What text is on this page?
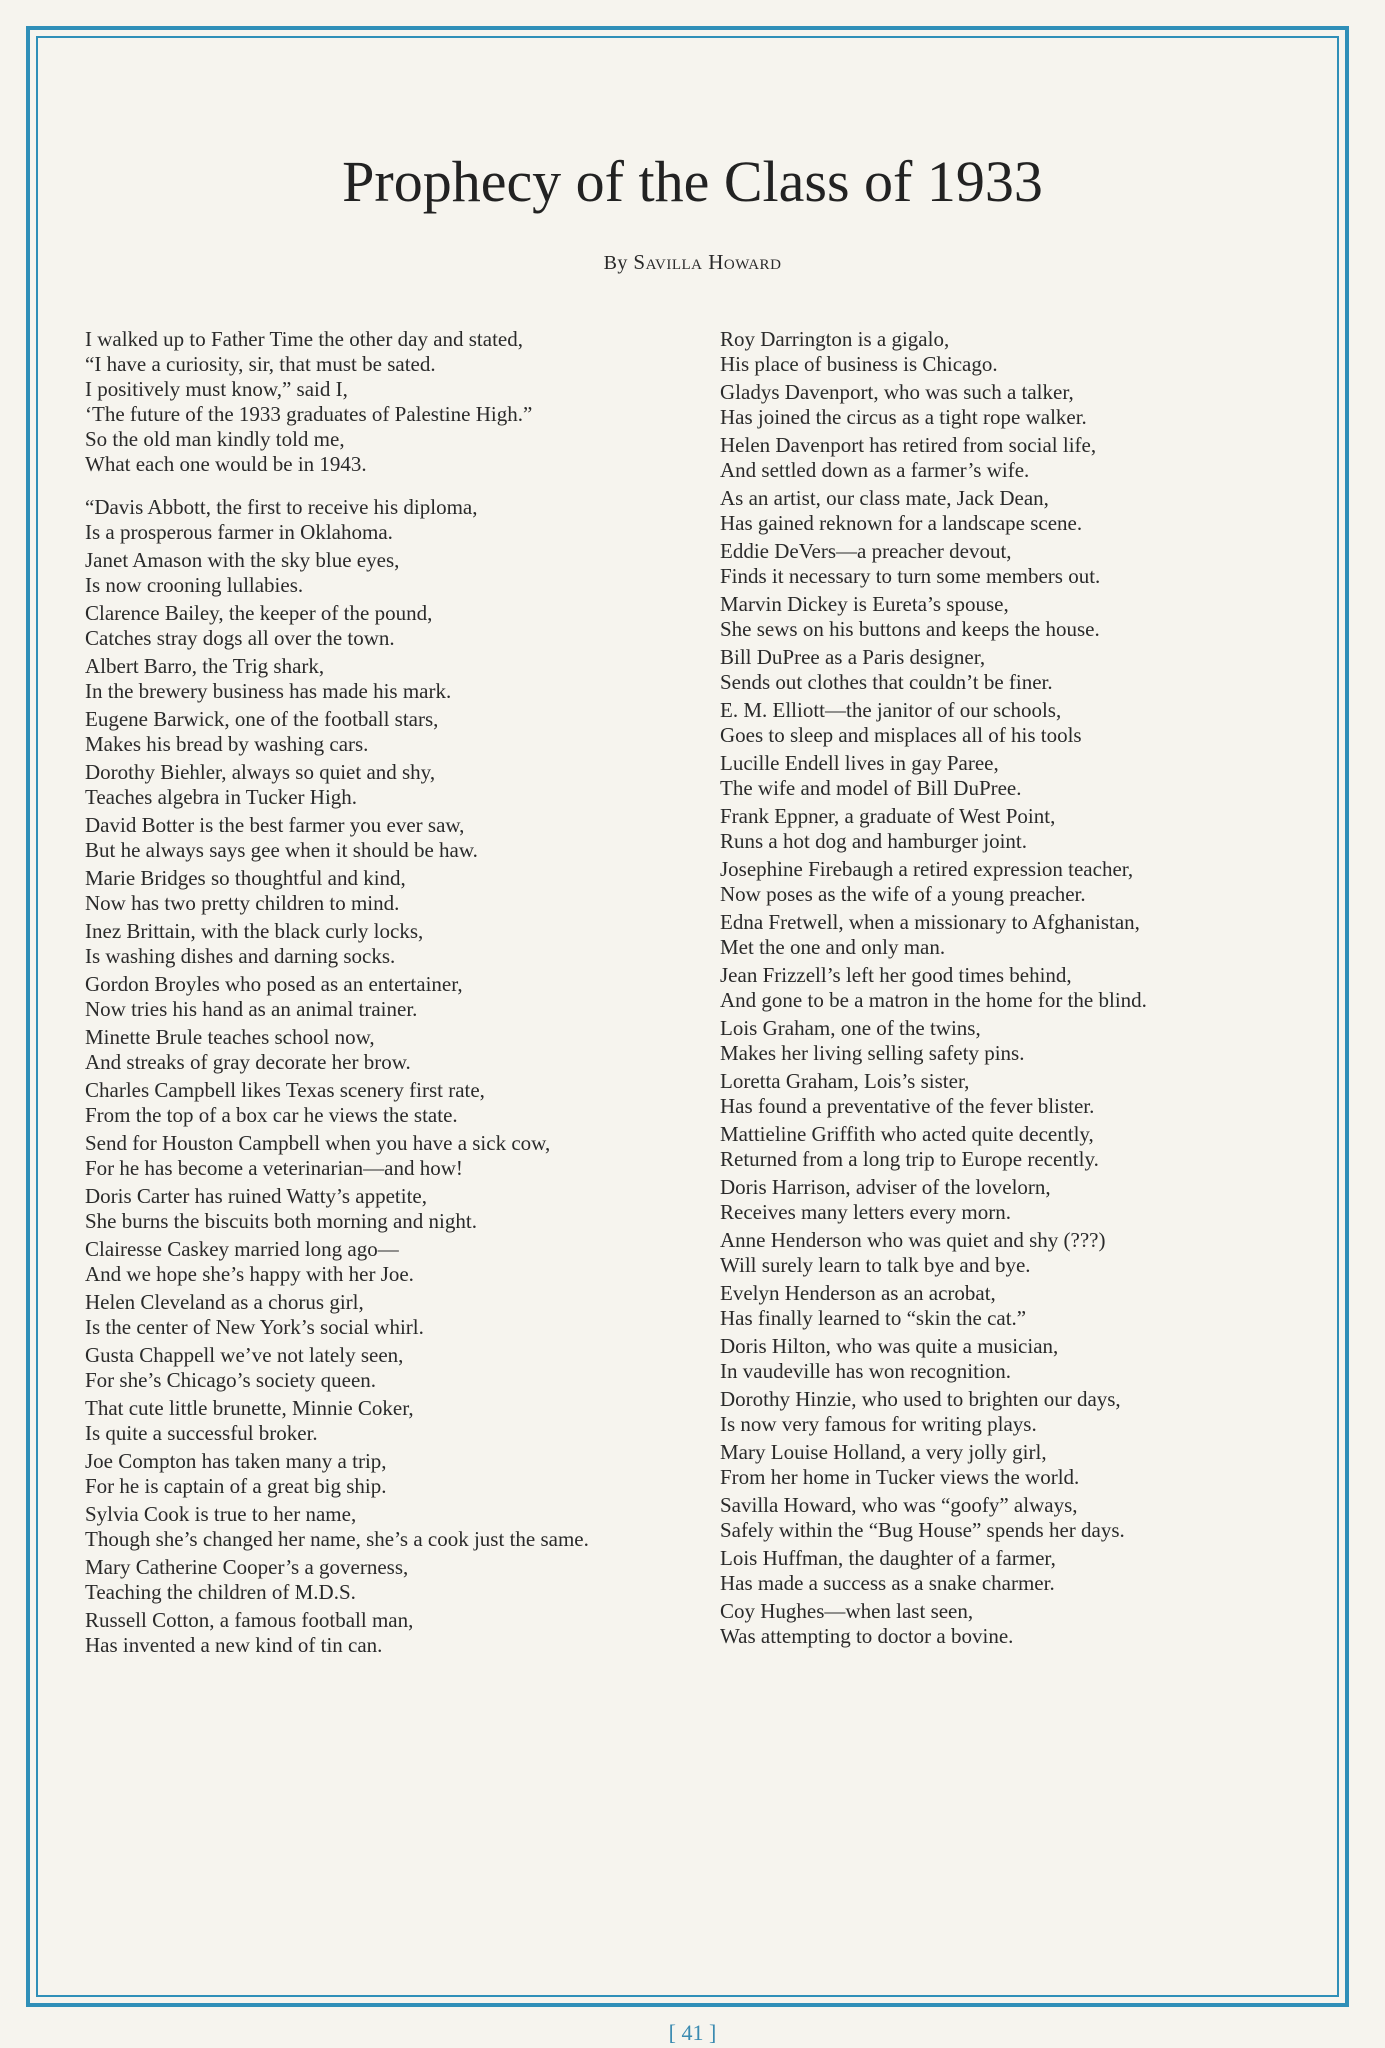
Prophecy of the Class of 1933
By Savilla Howard
I walked up to Father Time the other day and stated,
“I have a curiosity, sir, that must be sated.
I positively must know,” said I,
‘The future of the 1933 graduates of Palestine High.”
So the old man kindly told me,
What each one would be in 1943.
“Davis Abbott, the first to receive his diploma,
Is a prosperous farmer in Oklahoma.
Janet Amason with the sky blue eyes,
Is now crooning lullabies.
Clarence Bailey, the keeper of the pound,
Catches stray dogs all over the town.
Albert Barro, the Trig shark,
In the brewery business has made his mark.
Eugene Barwick, one of the football stars,
Makes his bread by washing cars.
Dorothy Biehler, always so quiet and shy,
Teaches algebra in Tucker High.
David Botter is the best farmer you ever saw,
But he always says gee when it should be haw.
Marie Bridges so thoughtful and kind,
Now has two pretty children to mind.
Inez Brittain, with the black curly locks,
Is washing dishes and darning socks.
Gordon Broyles who posed as an entertainer,
Now tries his hand as an animal trainer.
Minette Brule teaches school now,
And streaks of gray decorate her brow.
Charles Campbell likes Texas scenery first rate,
From the top of a box car he views the state.
Send for Houston Campbell when you have a sick cow,
For he has become a veterinarian—and how!
Doris Carter has ruined Watty’s appetite,
She burns the biscuits both morning and night.
Clairesse Caskey married long ago—
And we hope she’s happy with her Joe.
Helen Cleveland as a chorus girl,
Is the center of New York’s social whirl.
Gusta Chappell we’ve not lately seen,
For she’s Chicago’s society queen.
That cute little brunette, Minnie Coker,
Is quite a successful broker.
Joe Compton has taken many a trip,
For he is captain of a great big ship.
Sylvia Cook is true to her name,
Though she’s changed her name, she’s a cook just the same.
Mary Catherine Cooper’s a governess,
Teaching the children of M.D.S.
Russell Cotton, a famous football man,
Has invented a new kind of tin can.
Roy Darrington is a gigalo,
His place of business is Chicago.
Gladys Davenport, who was such a talker,
Has joined the circus as a tight rope walker.
Helen Davenport has retired from social life,
And settled down as a farmer’s wife.
As an artist, our class mate, Jack Dean,
Has gained reknown for a landscape scene.
Eddie DeVers—a preacher devout,
Finds it necessary to turn some members out.
Marvin Dickey is Eureta’s spouse,
She sews on his buttons and keeps the house.
Bill DuPree as a Paris designer,
Sends out clothes that couldn’t be finer.
E. M. Elliott—the janitor of our schools,
Goes to sleep and misplaces all of his tools
Lucille Endell lives in gay Paree,
The wife and model of Bill DuPree.
Frank Eppner, a graduate of West Point,
Runs a hot dog and hamburger joint.
Josephine Firebaugh a retired expression teacher,
Now poses as the wife of a young preacher.
Edna Fretwell, when a missionary to Afghanistan,
Met the one and only man.
Jean Frizzell’s left her good times behind,
And gone to be a matron in the home for the blind.
Lois Graham, one of the twins,
Makes her living selling safety pins.
Loretta Graham, Lois’s sister,
Has found a preventative of the fever blister.
Mattieline Griffith who acted quite decently,
Returned from a long trip to Europe recently.
Doris Harrison, adviser of the lovelorn,
Receives many letters every morn.
Anne Henderson who was quiet and shy (???)
Will surely learn to talk bye and bye.
Evelyn Henderson as an acrobat,
Has finally learned to “skin the cat.”
Doris Hilton, who was quite a musician,
In vaudeville has won recognition.
Dorothy Hinzie, who used to brighten our days,
Is now very famous for writing plays.
Mary Louise Holland, a very jolly girl,
From her home in Tucker views the world.
Savilla Howard, who was “goofy” always,
Safely within the “Bug House” spends her days.
Lois Huffman, the daughter of a farmer,
Has made a success as a snake charmer.
Coy Hughes—when last seen,
Was attempting to doctor a bovine.
[ 41 ]
